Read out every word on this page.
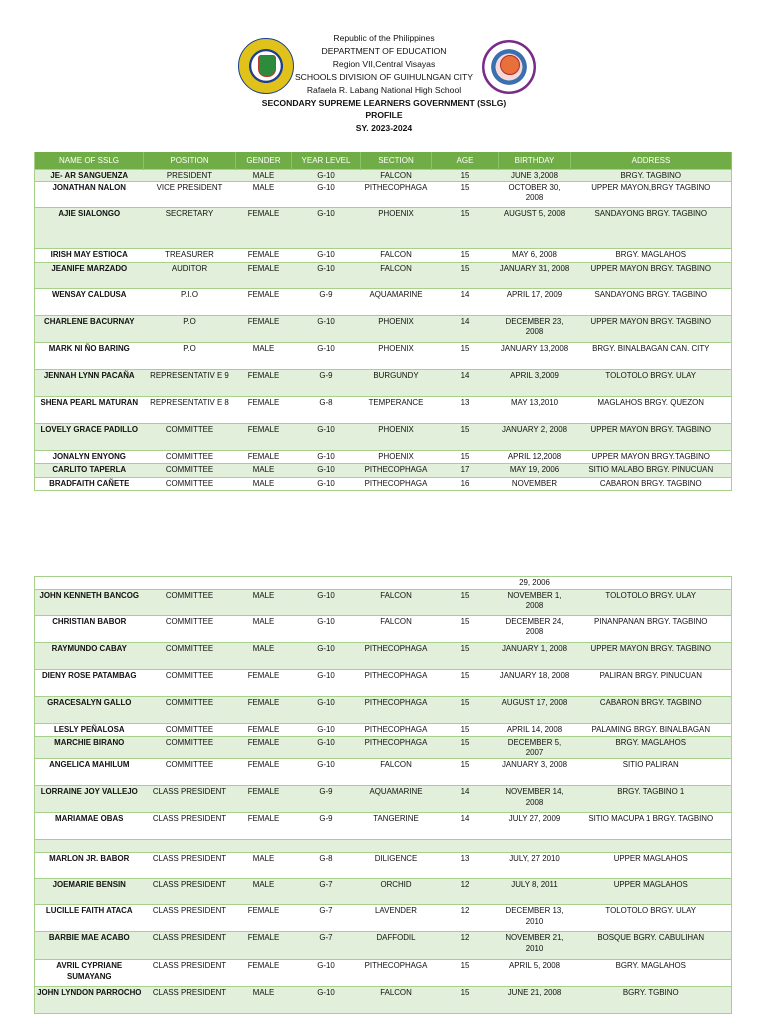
Republic of the Philippines
DEPARTMENT OF EDUCATION
Region VII,Central Visayas
SCHOOLS DIVISION OF GUIHULNGAN CITY
Rafaela R. Labang National High School
SECONDARY SUPREME LEARNERS GOVERNMENT (SSLG)
PROFILE
SY. 2023-2024
NAME OF SSLG	POSITION	GENDER	YEAR LEVEL	SECTION	AGE	BIRTHDAY	ADDRESS
JE- AR SANGUENZA	PRESIDENT	MALE	G-10	FALCON	15	JUNE 3,2008	BRGY. TAGBINO
JONATHAN NALON	VICE PRESIDENT	MALE	G-10	PITHECOPHAGA	15	OCTOBER 30, 2008	UPPER MAYON,BRGY TAGBINO
AJIE SIALONGO	SECRETARY	FEMALE	G-10	PHOENIX	15	AUGUST 5, 2008	SANDAYONG BRGY. TAGBINO
IRISH MAY ESTIOCA	TREASURER	FEMALE	G-10	FALCON	15	MAY 6, 2008	BRGY. MAGLAHOS
JEANIFE MARZADO	AUDITOR	FEMALE	G-10	FALCON	15	JANUARY 31, 2008	UPPER MAYON BRGY. TAGBINO
WENSAY CALDUSA	P.I.O	FEMALE	G-9	AQUAMARINE	14	APRIL 17, 2009	SANDAYONG BRGY. TAGBINO
CHARLENE BACURNAY	P.O	FEMALE	G-10	PHOENIX	14	DECEMBER 23, 2008	UPPER MAYON BRGY. TAGBINO
MARK NI ÑO BARING	P.O	MALE	G-10	PHOENIX	15	JANUARY 13,2008	BRGY. BINALBAGAN CAN. CITY
JENNAH LYNN PACAÑA	REPRESENTATIV E 9	FEMALE	G-9	BURGUNDY	14	APRIL 3,2009	TOLOTOLO BRGY. ULAY
SHENA PEARL MATURAN	REPRESENTATIV E 8	FEMALE	G-8	TEMPERANCE	13	MAY 13,2010	MAGLAHOS BRGY. QUEZON
LOVELY GRACE PADILLO	COMMITTEE	FEMALE	G-10	PHOENIX	15	JANUARY 2, 2008	UPPER MAYON BRGY. TAGBINO
JONALYN ENYONG	COMMITTEE	FEMALE	G-10	PHOENIX	15	APRIL 12,2008	UPPER MAYON BRGY.TAGBINO
CARLITO TAPERLA	COMMITTEE	MALE	G-10	PITHECOPHAGA	17	MAY 19, 2006	SITIO MALABO BRGY. PINUCUAN
BRADFAITH CAÑETE	COMMITTEE	MALE	G-10	PITHECOPHAGA	16	NOVEMBER	CABARON BRGY. TAGBINO
						29, 2006	
JOHN KENNETH BANCOG	COMMITTEE	MALE	G-10	FALCON	15	NOVEMBER 1, 2008	TOLOTOLO BRGY. ULAY
CHRISTIAN BABOR	COMMITTEE	MALE	G-10	FALCON	15	DECEMBER 24, 2008	PINANPANAN BRGY. TAGBINO
RAYMUNDO CABAY	COMMITTEE	MALE	G-10	PITHECOPHAGA	15	JANUARY 1, 2008	UPPER MAYON BRGY. TAGBINO
DIENY ROSE PATAMBAG	COMMITTEE	FEMALE	G-10	PITHECOPHAGA	15	JANUARY 18, 2008	PALIRAN BRGY. PINUCUAN
GRACESALYN GALLO	COMMITTEE	FEMALE	G-10	PITHECOPHAGA	15	AUGUST 17, 2008	CABARON BRGY. TAGBINO
LESLY PEÑALOSA	COMMITTEE	FEMALE	G-10	PITHECOPHAGA	15	APRIL 14, 2008	PALAMING BRGY. BINALBAGAN
MARCHIE BIRANO	COMMITTEE	FEMALE	G-10	PITHECOPHAGA	15	DECEMBER 5, 2007	BRGY. MAGLAHOS
ANGELICA MAHILUM	COMMITTEE	FEMALE	G-10	FALCON	15	JANUARY 3, 2008	SITIO PALIRAN
LORRAINE JOY VALLEJO	CLASS PRESIDENT	FEMALE	G-9	AQUAMARINE	14	NOVEMBER 14, 2008	BRGY. TAGBINO 1
MARIAMAE OBAS	CLASS PRESIDENT	FEMALE	G-9	TANGERINE	14	JULY 27, 2009	SITIO MACUPA 1 BRGY. TAGBINO

MARLON JR. BABOR	CLASS PRESIDENT	MALE	G-8	DILIGENCE	13	JULY, 27 2010	UPPER MAGLAHOS
JOEMARIE BENSIN	CLASS PRESIDENT	MALE	G-7	ORCHID	12	JULY 8, 2011	UPPER MAGLAHOS
LUCILLE FAITH ATACA	CLASS PRESIDENT	FEMALE	G-7	LAVENDER	12	DECEMBER 13, 2010	TOLOTOLO BRGY. ULAY
BARBIE MAE ACABO	CLASS PRESIDENT	FEMALE	G-7	DAFFODIL	12	NOVEMBER 21, 2010	BOSQUE BGRY. CABULIHAN
AVRIL CYPRIANE SUMAYANG	CLASS PRESIDENT	FEMALE	G-10	PITHECOPHAGA	15	APRIL 5, 2008	BGRY. MAGLAHOS
JOHN LYNDON PARROCHO	CLASS PRESIDENT	MALE	G-10	FALCON	15	JUNE 21, 2008	BGRY. TGBINO
